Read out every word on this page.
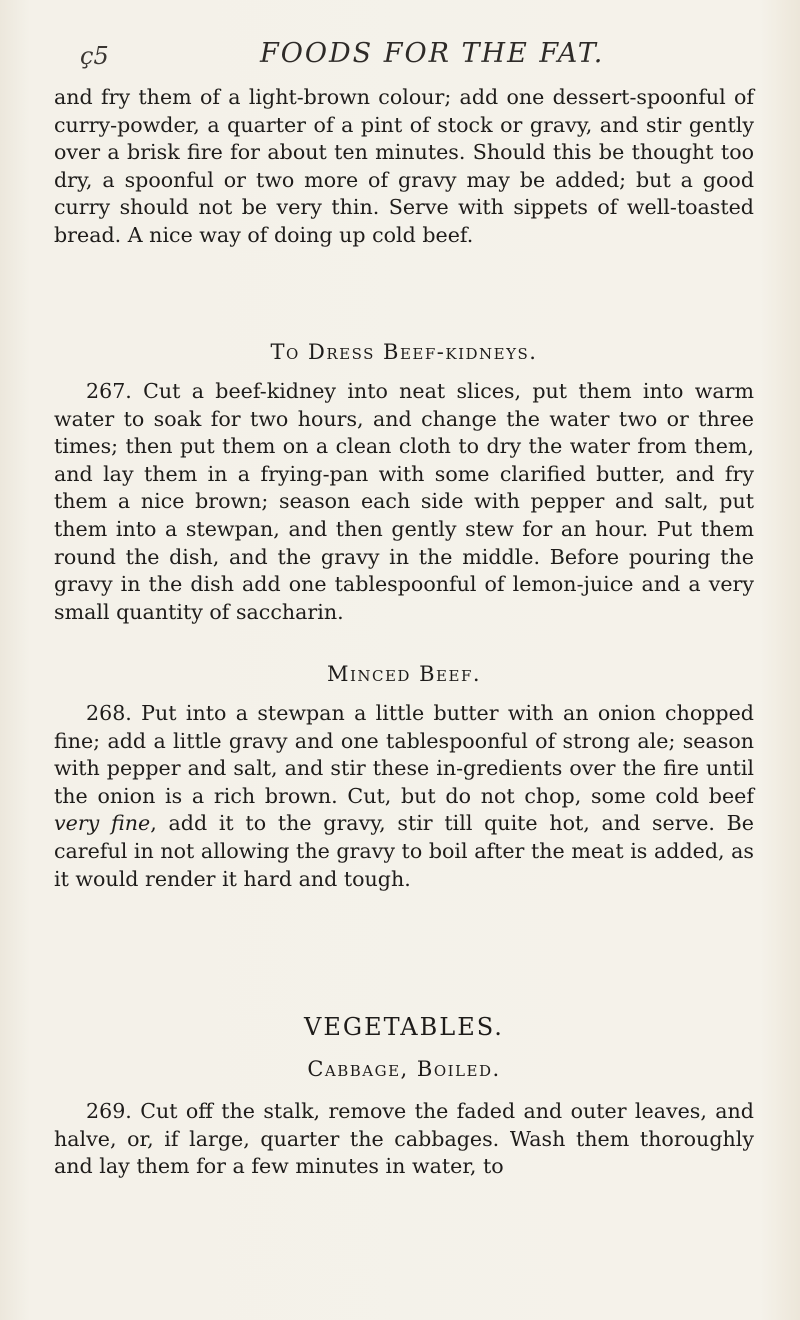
ç5	FOODS FOR THE FAT.

and fry them of a light-brown colour; add one dessert-spoonful of curry-powder, a quarter of a pint of stock or gravy, and stir gently over a brisk fire for about ten minutes. Should this be thought too dry, a spoonful or two more of gravy may be added; but a good curry should not be very thin. Serve with sippets of well-toasted bread. A nice way of doing up cold beef.

To Dress Beef-kidneys.

267. Cut a beef-kidney into neat slices, put them into warm water to soak for two hours, and change the water two or three times; then put them on a clean cloth to dry the water from them, and lay them in a frying-pan with some clarified butter, and fry them a nice brown; season each side with pepper and salt, put them into a stewpan, and then gently stew for an hour. Put them round the dish, and the gravy in the middle. Before pouring the gravy in the dish add one tablespoonful of lemon-juice and a very small quantity of saccharin.

Minced Beef.

268. Put into a stewpan a little butter with an onion chopped fine; add a little gravy and one tablespoonful of strong ale; season with pepper and salt, and stir these in-gredients over the fire until the onion is a rich brown. Cut, but do not chop, some cold beef very fine, add it to the gravy, stir till quite hot, and serve. Be careful in not allowing the gravy to boil after the meat is added, as it would render it hard and tough.

VEGETABLES.

Cabbage, Boiled.

269. Cut off the stalk, remove the faded and outer leaves, and halve, or, if large, quarter the cabbages. Wash them thoroughly and lay them for a few minutes in water, to
